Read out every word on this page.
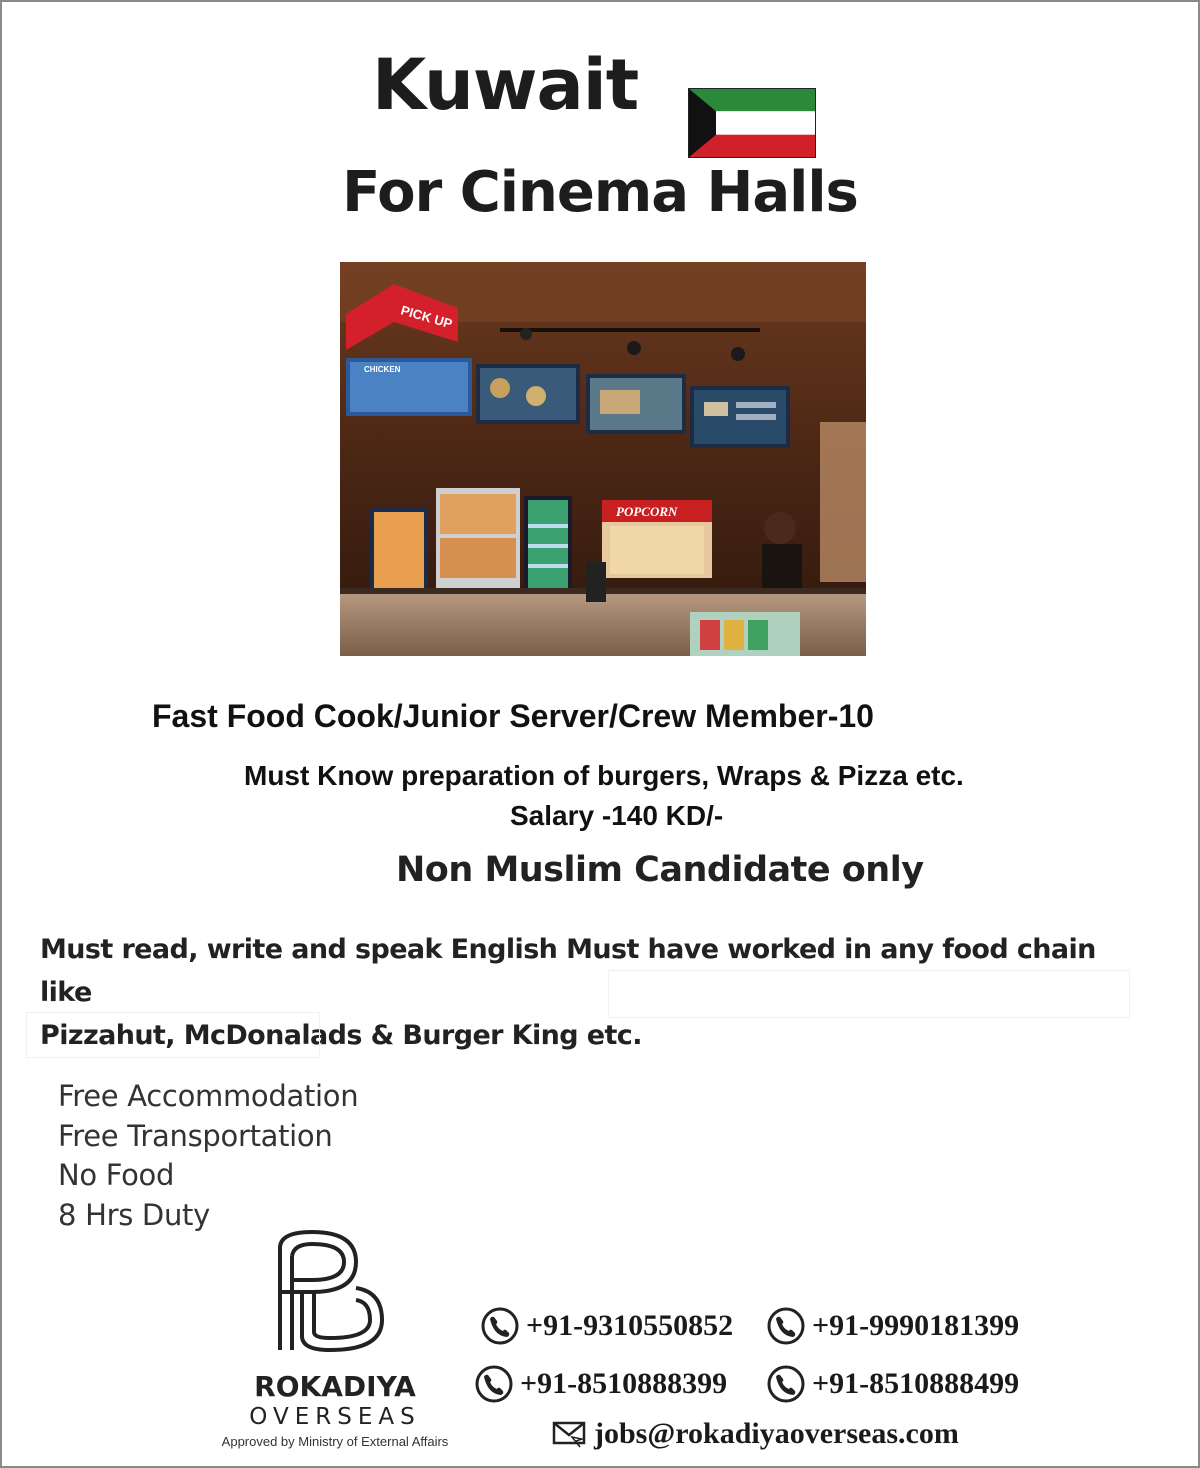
Kuwait
For Cinema Halls
PICK UP
CHICKEN
POPCORN
Fast Food Cook/Junior Server/Crew Member-10
Must Know preparation of burgers, Wraps & Pizza etc.
Salary -140 KD/-
Non Muslim Candidate only
Must read, write and speak English Must have worked in any food chain like
Pizzahut, McDonalads & Burger King etc.
Free Accommodation
Free Transportation
No Food
8 Hrs Duty
ROKADIYA
OVERSEAS
Approved by Ministry of External Affairs
+91-9310550852	+91-9990181399
+91-8510888399	+91-8510888499
jobs@rokadiyaoverseas.com
